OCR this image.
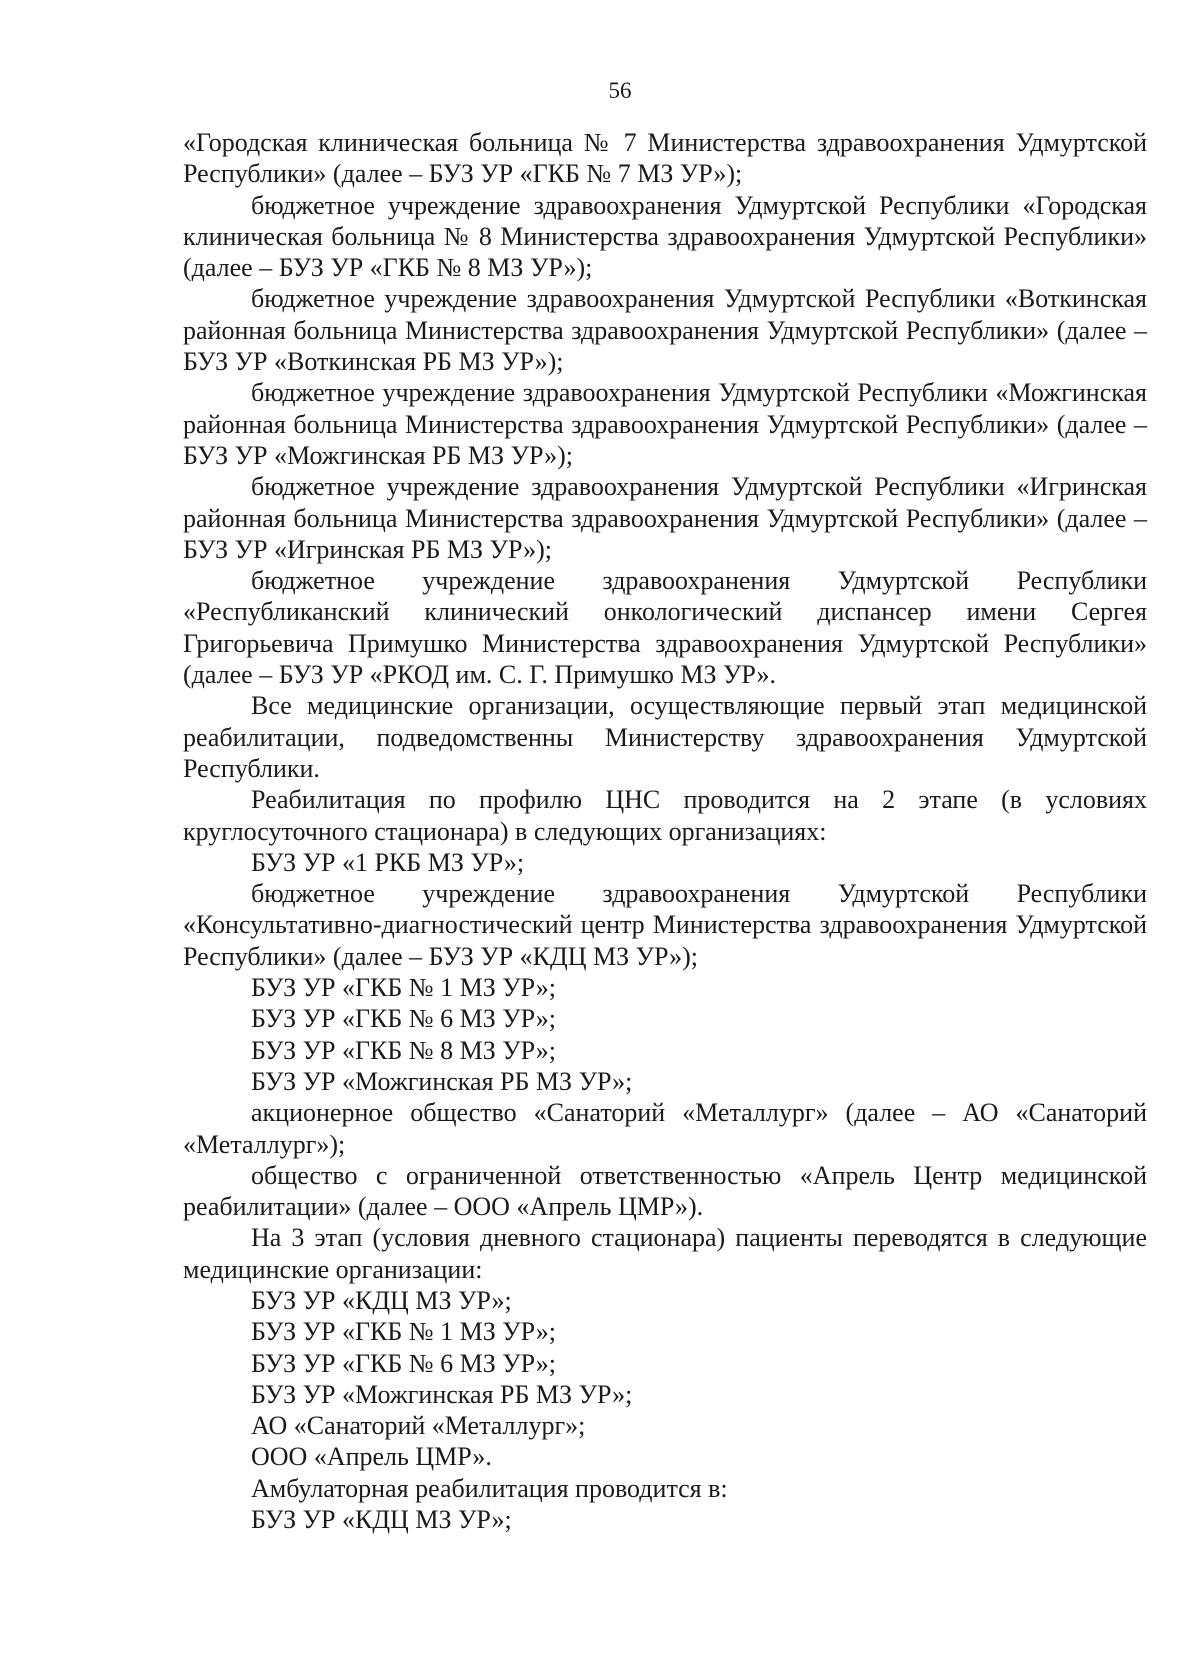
56

«Городская клиническая больница № 7 Министерства здравоохранения Удмуртской Республики» (далее – БУЗ УР «ГКБ № 7 МЗ УР»);

бюджетное учреждение здравоохранения Удмуртской Республики «Городская клиническая больница № 8 Министерства здравоохранения Удмуртской Республики» (далее – БУЗ УР «ГКБ № 8 МЗ УР»);

бюджетное учреждение здравоохранения Удмуртской Республики «Воткинская районная больница Министерства здравоохранения Удмуртской Республики» (далее – БУЗ УР «Воткинская РБ МЗ УР»);

бюджетное учреждение здравоохранения Удмуртской Республики «Можгинская районная больница Министерства здравоохранения Удмуртской Республики» (далее – БУЗ УР «Можгинская РБ МЗ УР»);

бюджетное учреждение здравоохранения Удмуртской Республики «Игринская районная больница Министерства здравоохранения Удмуртской Республики» (далее – БУЗ УР «Игринская РБ МЗ УР»);

бюджетное учреждение здравоохранения Удмуртской Республики «Республиканский клинический онкологический диспансер имени Сергея Григорьевича Примушко Министерства здравоохранения Удмуртской Республики» (далее – БУЗ УР «РКОД им. С. Г. Примушко МЗ УР».

Все медицинские организации, осуществляющие первый этап медицинской реабилитации, подведомственны Министерству здравоохранения Удмуртской Республики.

Реабилитация по профилю ЦНС проводится на 2 этапе (в условиях круглосуточного стационара) в следующих организациях:

БУЗ УР «1 РКБ МЗ УР»;

бюджетное учреждение здравоохранения Удмуртской Республики «Консультативно-диагностический центр Министерства здравоохранения Удмуртской Республики» (далее – БУЗ УР «КДЦ МЗ УР»);

БУЗ УР «ГКБ № 1 МЗ УР»;

БУЗ УР «ГКБ № 6 МЗ УР»;

БУЗ УР «ГКБ № 8 МЗ УР»;

БУЗ УР «Можгинская РБ МЗ УР»;

акционерное общество «Санаторий «Металлург» (далее – АО «Санаторий «Металлург»);

общество с ограниченной ответственностью «Апрель Центр медицинской реабилитации» (далее – ООО «Апрель ЦМР»).

На 3 этап (условия дневного стационара) пациенты переводятся в следующие медицинские организации:

БУЗ УР «КДЦ МЗ УР»;

БУЗ УР «ГКБ № 1 МЗ УР»;

БУЗ УР «ГКБ № 6 МЗ УР»;

БУЗ УР «Можгинская РБ МЗ УР»;

АО «Санаторий «Металлург»;

ООО «Апрель ЦМР».

Амбулаторная реабилитация проводится в:

БУЗ УР «КДЦ МЗ УР»;
